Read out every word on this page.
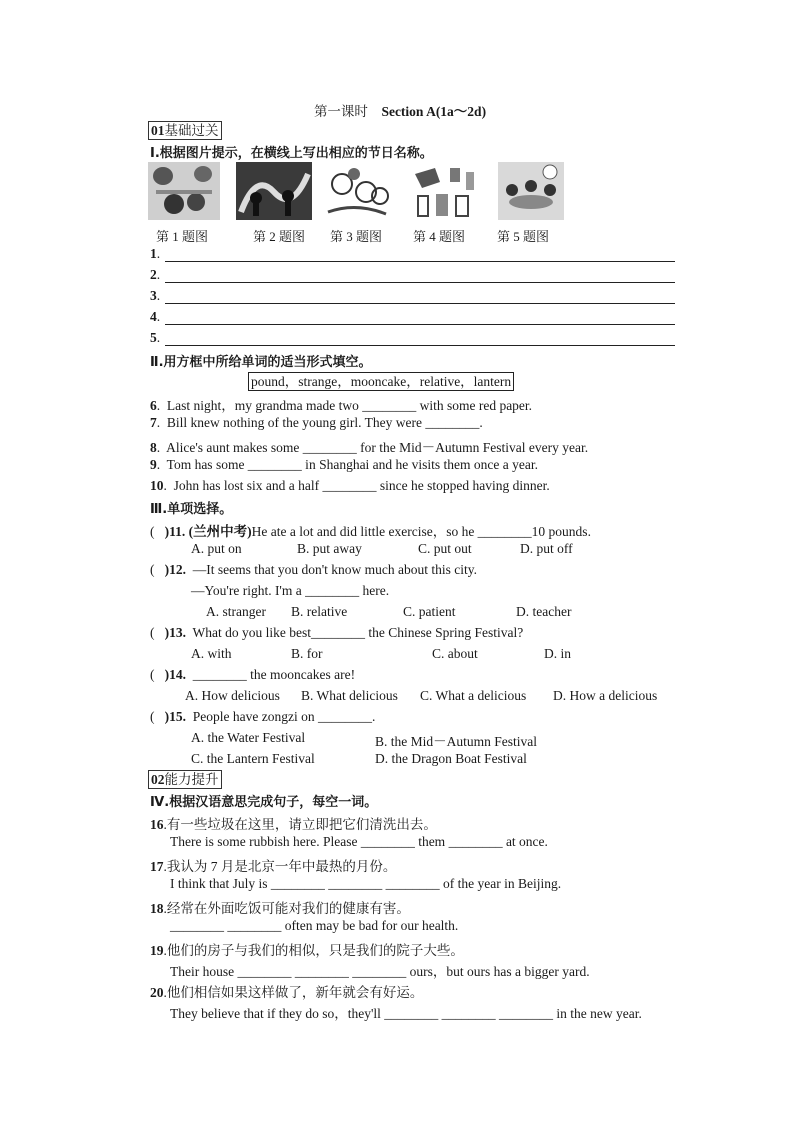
第一课时 Section A(1a～2d)
01基础过关
Ⅰ.根据图片提示，在横线上写出相应的节日名称。
第 1 题图	第 2 题图 第 3 题图 第 4 题图 第 5 题图
1.
2.
3.
4.
5.
Ⅱ.用方框中所给单词的适当形式填空。
pound，strange，mooncake，relative，lantern
6.  Last night，my grandma made two ________ with some red paper.
7.  Bill knew nothing of the young girl. They were ________.
8.  Alice's aunt makes some ________ for the Mid－Autumn Festival every year.
9.  Tom has some ________ in Shanghai and he visits them once a year.
10.  John has lost six and a half ________ since he stopped having dinner.
Ⅲ.单项选择。
( )11. (兰州中考)He ate a lot and did little exercise，so he ________10 pounds.
A. put on	B. put away	C. put out	D. put off
( )12. —It seems that you don't know much about this city.
—You're right. I'm a ________ here.
A. stranger B. relative	C. patient	D. teacher
( )13. What do you like best________ the Chinese Spring Festival?
A. with	B. for	C. about	D. in
( )14. ________ the mooncakes are!
A. How delicious B. What delicious C. What a delicious D. How a delicious
( )15. People have zongzi on ________.
A. the Water Festival	B. the Mid－Autumn Festival
C. the Lantern Festival	D. the Dragon Boat Festival
02能力提升
Ⅳ.根据汉语意思完成句子，每空一词。
16.有一些垃圾在这里，请立即把它们清洗出去。
There is some rubbish here. Please ________ them ________ at once.
17.我认为 7 月是北京一年中最热的月份。
I think that July is ________ ________ ________ of the year in Beijing.
18.经常在外面吃饭可能对我们的健康有害。
________ ________ often may be bad for our health.
19.他们的房子与我们的相似，只是我们的院子大些。
Their house ________ ________ ________ ours，but ours has a bigger yard.
20.他们相信如果这样做了，新年就会有好运。
They believe that if they do so，they'll ________ ________ ________ in the new year.
